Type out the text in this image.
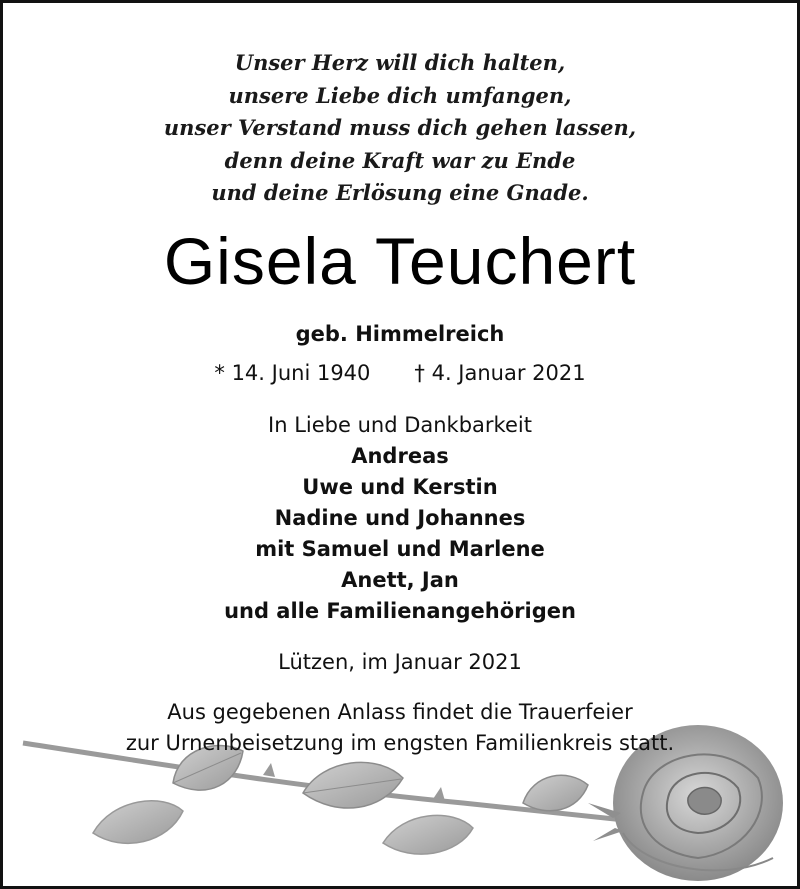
Unser Herz will dich halten,
unsere Liebe dich umfangen,
unser Verstand muss dich gehen lassen,
denn deine Kraft war zu Ende
und deine Erlösung eine Gnade.
Gisela Teuchert
geb. Himmelreich
* 14. Juni 1940 † 4. Januar 2021
In Liebe und Dankbarkeit
Andreas
Uwe und Kerstin
Nadine und Johannes
mit Samuel und Marlene
Anett, Jan
und alle Familienangehörigen
Lützen, im Januar 2021
Aus gegebenen Anlass findet die Trauerfeier
zur Urnenbeisetzung im engsten Familienkreis statt.
